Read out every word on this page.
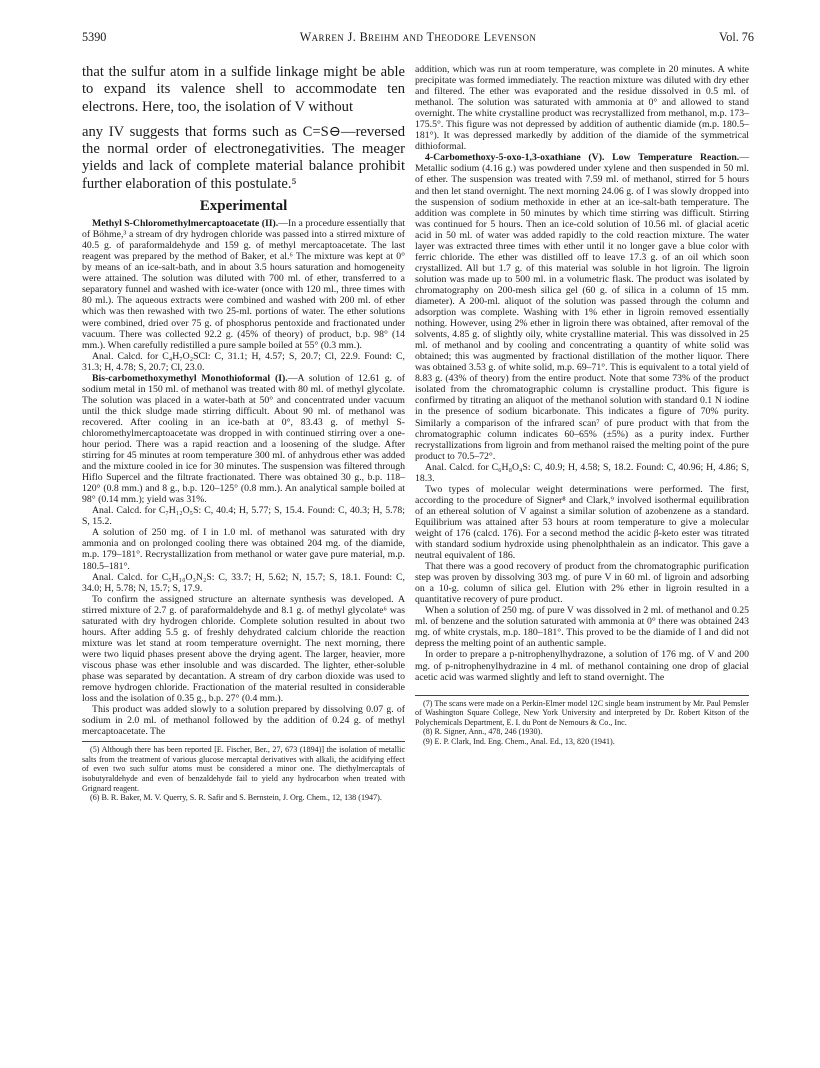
5390	Warren J. Breihm and Theodore Levenson	Vol. 76

that the sulfur atom in a sulfide linkage might be able to expand its valence shell to accommodate ten electrons. Here, too, the isolation of V without

any IV suggests that forms such as C=S⊖—reversed the normal order of electronegativities. The meager yields and lack of complete material balance prohibit further elaboration of this postulate.⁵

Experimental

Methyl S-Chloromethylmercaptoacetate (II).—In a procedure essentially that of Böhme,³ a stream of dry hydrogen chloride was passed into a stirred mixture of 40.5 g. of paraformaldehyde and 159 g. of methyl mercaptoacetate. The last reagent was prepared by the method of Baker, et al.⁶ The mixture was kept at 0° by means of an ice-salt-bath, and in about 3.5 hours saturation and homogeneity were attained. The solution was diluted with 700 ml. of ether, transferred to a separatory funnel and washed with ice-water (once with 120 ml., three times with 80 ml.). The aqueous extracts were combined and washed with 200 ml. of ether which was then rewashed with two 25-ml. portions of water. The ether solutions were combined, dried over 75 g. of phosphorus pentoxide and fractionated under vacuum. There was collected 92.2 g. (45% of theory) of product, b.p. 98° (14 mm.). When carefully redistilled a pure sample boiled at 55° (0.3 mm.).

Anal. Calcd. for C₄H₇O₂SCl: C, 31.1; H, 4.57; S, 20.7; Cl, 22.9. Found: C, 31.3; H, 4.78; S, 20.7; Cl, 23.0.

Bis-carbomethoxymethyl Monothioformal (I).—A solution of 12.61 g. of sodium metal in 150 ml. of methanol was treated with 80 ml. of methyl glycolate. The solution was placed in a water-bath at 50° and concentrated under vacuum until the thick sludge made stirring difficult. About 90 ml. of methanol was recovered. After cooling in an ice-bath at 0°, 83.43 g. of methyl S-chloromethylmercaptoacetate was dropped in with continued stirring over a one-hour period. There was a rapid reaction and a loosening of the sludge. After stirring for 45 minutes at room temperature 300 ml. of anhydrous ether was added and the mixture cooled in ice for 30 minutes. The suspension was filtered through Hiflo Supercel and the filtrate fractionated. There was obtained 30 g., b.p. 118–120° (0.8 mm.) and 8 g., b.p. 120–125° (0.8 mm.). An analytical sample boiled at 98° (0.14 mm.); yield was 31%.

Anal. Calcd. for C₇H₁₂O₅S: C, 40.4; H, 5.77; S, 15.4. Found: C, 40.3; H, 5.78; S, 15.2.

A solution of 250 mg. of I in 1.0 ml. of methanol was saturated with dry ammonia and on prolonged cooling there was obtained 204 mg. of the diamide, m.p. 179–181°. Recrystallization from methanol or water gave pure material, m.p. 180.5–181°.

Anal. Calcd. for C₅H₁₀O₃N₂S: C, 33.7; H, 5.62; N, 15.7; S, 18.1. Found: C, 34.0; H, 5.78; N, 15.7; S, 17.9.

To confirm the assigned structure an alternate synthesis was developed. A stirred mixture of 2.7 g. of paraformaldehyde and 8.1 g. of methyl glycolate⁶ was saturated with dry hydrogen chloride. Complete solution resulted in about two hours. After adding 5.5 g. of freshly dehydrated calcium chloride the reaction mixture was let stand at room temperature overnight. The next morning, there were two liquid phases present above the drying agent. The larger, heavier, more viscous phase was ether insoluble and was discarded. The lighter, ether-soluble phase was separated by decantation. A stream of dry carbon dioxide was used to remove hydrogen chloride. Fractionation of the material resulted in considerable loss and the isolation of 0.35 g., b.p. 27° (0.4 mm.).

This product was added slowly to a solution prepared by dissolving 0.07 g. of sodium in 2.0 ml. of methanol followed by the addition of 0.24 g. of methyl mercaptoacetate. The

(5) Although there has been reported [E. Fischer, Ber., 27, 673 (1894)] the isolation of metallic salts from the treatment of various glucose mercaptal derivatives with alkali, the acidifying effect of even two such sulfur atoms must be considered a minor one. The diethylmercaptals of isobutyraldehyde and even of benzaldehyde fail to yield any hydrocarbon when treated with Grignard reagent.

(6) B. R. Baker, M. V. Querry, S. R. Safir and S. Bernstein, J. Org. Chem., 12, 138 (1947).

addition, which was run at room temperature, was complete in 20 minutes. A white precipitate was formed immediately. The reaction mixture was diluted with dry ether and filtered. The ether was evaporated and the residue dissolved in 0.5 ml. of methanol. The solution was saturated with ammonia at 0° and allowed to stand overnight. The white crystalline product was recrystallized from methanol, m.p. 173–175.5°. This figure was not depressed by addition of authentic diamide (m.p. 180.5–181°). It was depressed markedly by addition of the diamide of the symmetrical dithioformal.

4-Carbomethoxy-5-oxo-1,3-oxathiane (V). Low Temperature Reaction.—Metallic sodium (4.16 g.) was powdered under xylene and then suspended in 50 ml. of ether. The suspension was treated with 7.59 ml. of methanol, stirred for 5 hours and then let stand overnight. The next morning 24.06 g. of I was slowly dropped into the suspension of sodium methoxide in ether at an ice-salt-bath temperature. The addition was complete in 50 minutes by which time stirring was difficult. Stirring was continued for 5 hours. Then an ice-cold solution of 10.56 ml. of glacial acetic acid in 50 ml. of water was added rapidly to the cold reaction mixture. The water layer was extracted three times with ether until it no longer gave a blue color with ferric chloride. The ether was distilled off to leave 17.3 g. of an oil which soon crystallized. All but 1.7 g. of this material was soluble in hot ligroin. The ligroin solution was made up to 500 ml. in a volumetric flask. The product was isolated by chromatography on 200-mesh silica gel (60 g. of silica in a column of 15 mm. diameter). A 200-ml. aliquot of the solution was passed through the column and adsorption was complete. Washing with 1% ether in ligroin removed essentially nothing. However, using 2% ether in ligroin there was obtained, after removal of the solvents, 4.85 g. of slightly oily, white crystalline material. This was dissolved in 25 ml. of methanol and by cooling and concentrating a quantity of white solid was obtained; this was augmented by fractional distillation of the mother liquor. There was obtained 3.53 g. of white solid, m.p. 69–71°. This is equivalent to a total yield of 8.83 g. (43% of theory) from the entire product. Note that some 73% of the product isolated from the chromatographic column is crystalline product. This figure is confirmed by titrating an aliquot of the methanol solution with standard 0.1 N iodine in the presence of sodium bicarbonate. This indicates a figure of 70% purity. Similarly a comparison of the infrared scan⁷ of pure product with that from the chromatographic column indicates 60–65% (±5%) as a purity index. Further recrystallizations from ligroin and from methanol raised the melting point of the pure product to 70.5–72°.

Anal. Calcd. for C₆H₈O₄S: C, 40.9; H, 4.58; S, 18.2. Found: C, 40.96; H, 4.86; S, 18.3.

Two types of molecular weight determinations were performed. The first, according to the procedure of Signer⁸ and Clark,⁹ involved isothermal equilibration of an ethereal solution of V against a similar solution of azobenzene as a standard. Equilibrium was attained after 53 hours at room temperature to give a molecular weight of 176 (calcd. 176). For a second method the acidic β-keto ester was titrated with standard sodium hydroxide using phenolphthalein as an indicator. This gave a neutral equivalent of 186.

That there was a good recovery of product from the chromatographic purification step was proven by dissolving 303 mg. of pure V in 60 ml. of ligroin and adsorbing on a 10-g. column of silica gel. Elution with 2% ether in ligroin resulted in a quantitative recovery of pure product.

When a solution of 250 mg. of pure V was dissolved in 2 ml. of methanol and 0.25 ml. of benzene and the solution saturated with ammonia at 0° there was obtained 243 mg. of white crystals, m.p. 180–181°. This proved to be the diamide of I and did not depress the melting point of an authentic sample.

In order to prepare a p-nitrophenylhydrazone, a solution of 176 mg. of V and 200 mg. of p-nitrophenylhydrazine in 4 ml. of methanol containing one drop of glacial acetic acid was warmed slightly and left to stand overnight. The

(7) The scans were made on a Perkin-Elmer model 12C single beam instrument by Mr. Paul Pemsler of Washington Square College, New York University and interpreted by Dr. Robert Kitson of the Polychemicals Department, E. I. du Pont de Nemours & Co., Inc.

(8) R. Signer, Ann., 478, 246 (1930).

(9) E. P. Clark, Ind. Eng. Chem., Anal. Ed., 13, 820 (1941).
